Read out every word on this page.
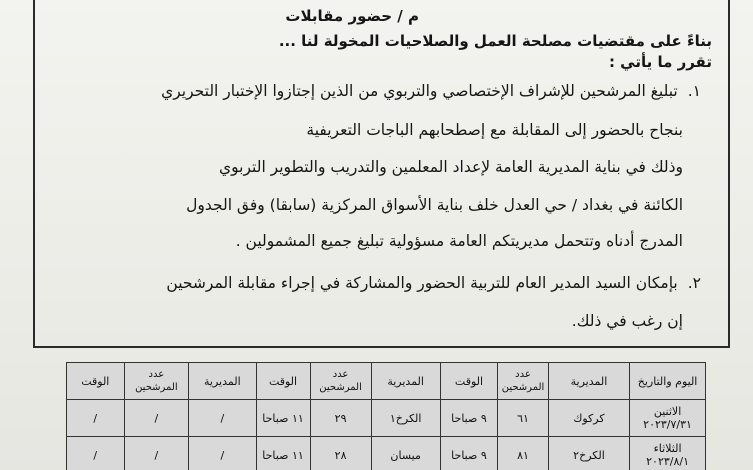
م / حضور مقابلات
بناءً على مقتضيات مصلحة العمل والصلاحيات المخولة لنا ...
تقرر ما يأتي :
١.تبليغ المرشحين للإشراف الإختصاصي والتربوي من الذين إجتازوا الإختبار التحريري
بنجاح بالحضور إلى المقابلة مع إصطحابهم الباجات التعريفية
وذلك في بناية المديرية العامة لإعداد المعلمين والتدريب والتطوير التربوي
الكائنة في بغداد / حي العدل خلف بناية الأسواق المركزية (سابقا) وفق الجدول
المدرج أدناه وتتحمل مديريتكم العامة مسؤولية تبليغ جميع المشمولين .
٢.بإمكان السيد المدير العام للتربية الحضور والمشاركة في إجراء مقابلة المرشحين
إن رغب في ذلك.
اليوم والتاريخ	المديرية	عدد المرشحين	الوقت	المديرية	عدد المرشحين	الوقت	المديرية	عدد المرشحين	الوقت
الاثنين ٢٠٢٣/٧/٣١	كركوك	٦١	٩ صباحا	الكرخ١	٢٩	١١ صباحا	/	/	/
الثلاثاء ٢٠٢٣/٨/١	الكرخ٢	٨١	٩ صباحا	ميسان	٢٨	١١ صباحا	/	/	/
